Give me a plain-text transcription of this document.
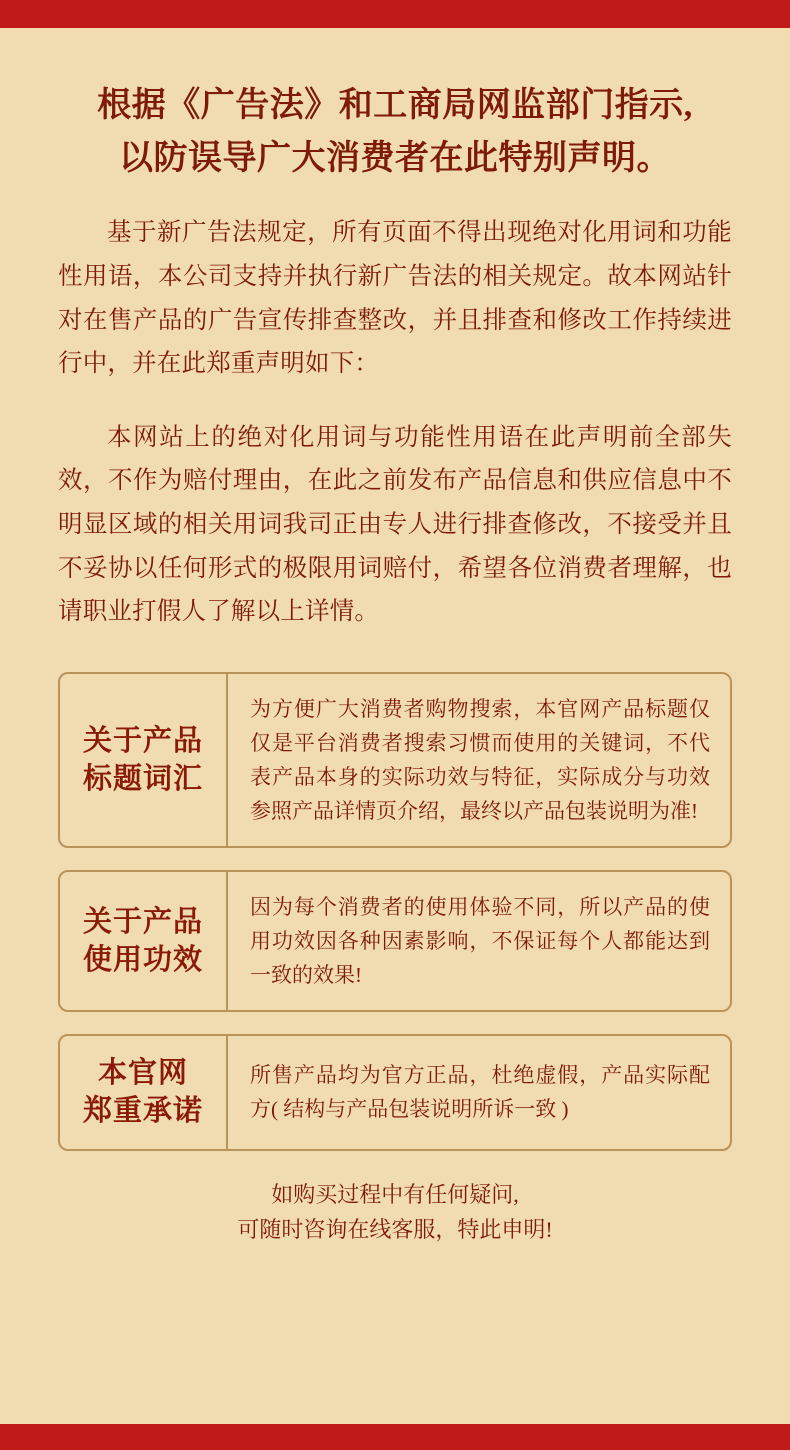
根据《广告法》和工商局网监部门指示,
以防误导广大消费者在此特别声明。

基于新广告法规定，所有页面不得出现绝对化用词和功能性用语，本公司支持并执行新广告法的相关规定。故本网站针对在售产品的广告宣传排查整改，并且排查和修改工作持续进行中，并在此郑重声明如下：

本网站上的绝对化用词与功能性用语在此声明前全部失效，不作为赔付理由，在此之前发布产品信息和供应信息中不明显区域的相关用词我司正由专人进行排查修改，不接受并且不妥协以任何形式的极限用词赔付，希望各位消费者理解，也请职业打假人了解以上详情。

关于产品
标题词汇
为方便广大消费者购物搜索，本官网产品标题仅仅是平台消费者搜索习惯而使用的关键词，不代表产品本身的实际功效与特征，实际成分与功效参照产品详情页介绍，最终以产品包装说明为准!
关于产品
使用功效
因为每个消费者的使用体验不同，所以产品的使用功效因各种因素影响，不保证每个人都能达到一致的效果!
本官网
郑重承诺
所售产品均为官方正品，杜绝虚假，产品实际配方( 结构与产品包装说明所诉一致 )
如购买过程中有任何疑问,
可随时咨询在线客服，特此申明!
